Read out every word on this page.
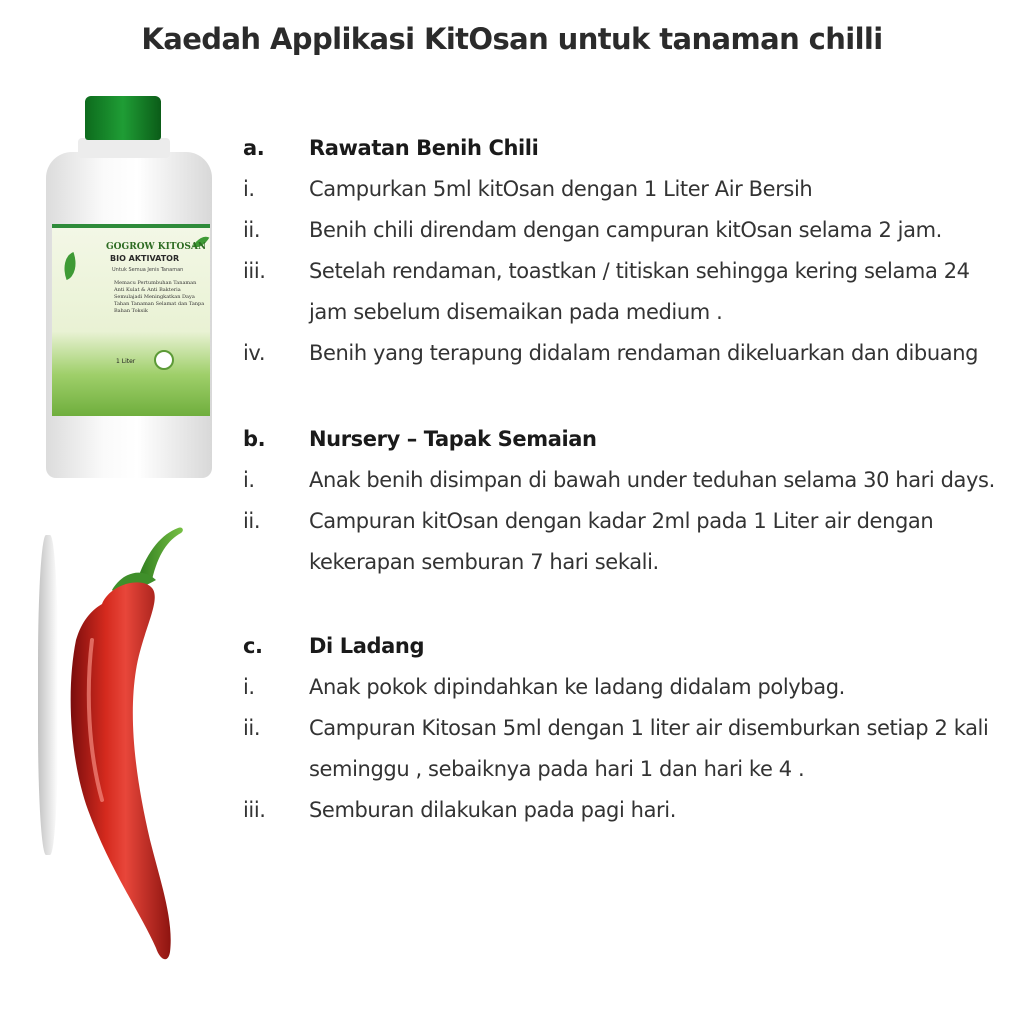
Kaedah Applikasi KitOsan untuk tanaman chilli
GOGROW KITOSAN
BIO AKTIVATOR
Untuk Semua Jenis Tanaman
Memacu Pertumbuhan Tanaman Anti Kulat & Anti Bakteria Semulajadi Meningkatkan Daya Tahan Tanaman Selamat dan Tanpa Bahan Toksik
1 Liter
a.	Rawatan Benih Chili
i.	Campurkan 5ml kitOsan dengan 1 Liter Air Bersih
ii.	Benih chili direndam dengan campuran kitOsan selama 2 jam.
iii.	Setelah rendaman, toastkan / titiskan sehingga kering selama 24 jam sebelum disemaikan pada medium .
iv.	Benih yang terapung didalam rendaman dikeluarkan dan dibuang
b.	Nursery – Tapak Semaian
i.	Anak benih disimpan di bawah under teduhan selama 30 hari days.
ii.	Campuran kitOsan dengan kadar 2ml pada 1 Liter air dengan kekerapan semburan 7 hari sekali.
c.	Di Ladang
i.	Anak pokok dipindahkan ke ladang didalam polybag.
ii.	Campuran Kitosan 5ml dengan 1 liter air disemburkan setiap 2 kali seminggu , sebaiknya pada hari 1 dan hari ke 4 .
iii.	Semburan dilakukan pada pagi hari.
